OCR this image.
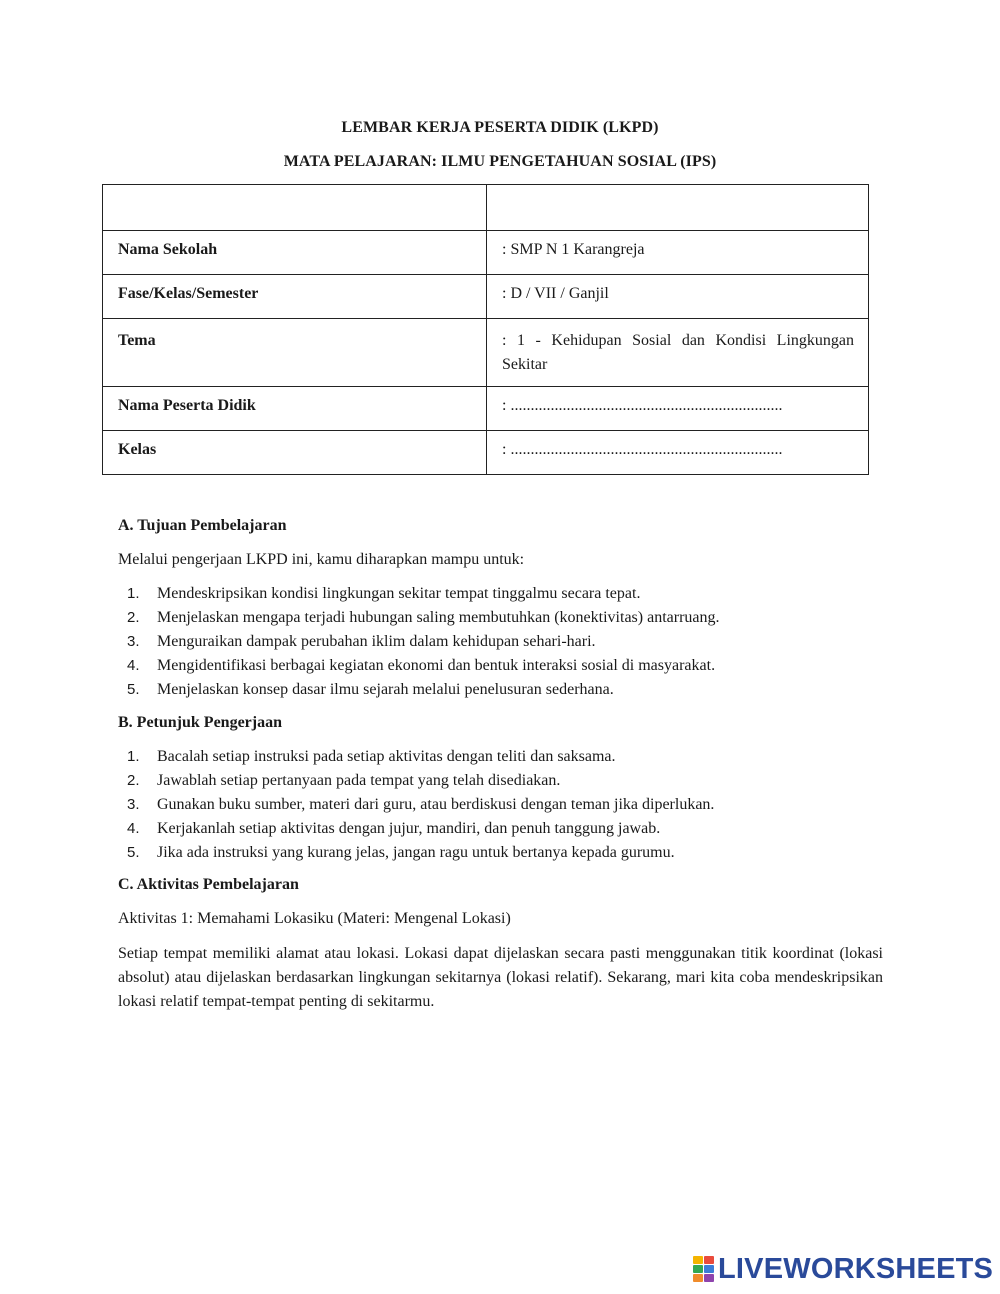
LEMBAR KERJA PESERTA DIDIK (LKPD)
MATA PELAJARAN: ILMU PENGETAHUAN SOSIAL (IPS)

Nama Sekolah	: SMP N 1 Karangreja
Fase/Kelas/Semester	: D / VII / Ganjil
Tema	: 1 - Kehidupan Sosial dan Kondisi Lingkungan Sekitar
Nama Peserta Didik	: ....................................................................
Kelas	: ....................................................................
A. Tujuan Pembelajaran
Melalui pengerjaan LKPD ini, kamu diharapkan mampu untuk:
1. Mendeskripsikan kondisi lingkungan sekitar tempat tinggalmu secara tepat.
2. Menjelaskan mengapa terjadi hubungan saling membutuhkan (konektivitas) antarruang.
3. Menguraikan dampak perubahan iklim dalam kehidupan sehari-hari.
4. Mengidentifikasi berbagai kegiatan ekonomi dan bentuk interaksi sosial di masyarakat.
5. Menjelaskan konsep dasar ilmu sejarah melalui penelusuran sederhana.
B. Petunjuk Pengerjaan
1. Bacalah setiap instruksi pada setiap aktivitas dengan teliti dan saksama.
2. Jawablah setiap pertanyaan pada tempat yang telah disediakan.
3. Gunakan buku sumber, materi dari guru, atau berdiskusi dengan teman jika diperlukan.
4. Kerjakanlah setiap aktivitas dengan jujur, mandiri, dan penuh tanggung jawab.
5. Jika ada instruksi yang kurang jelas, jangan ragu untuk bertanya kepada gurumu.
C. Aktivitas Pembelajaran
Aktivitas 1: Memahami Lokasiku (Materi: Mengenal Lokasi)
Setiap tempat memiliki alamat atau lokasi. Lokasi dapat dijelaskan secara pasti menggunakan titik koordinat (lokasi absolut) atau dijelaskan berdasarkan lingkungan sekitarnya (lokasi relatif). Sekarang, mari kita coba mendeskripsikan lokasi relatif tempat-tempat penting di sekitarmu.
LIVEWORKSHEETS
